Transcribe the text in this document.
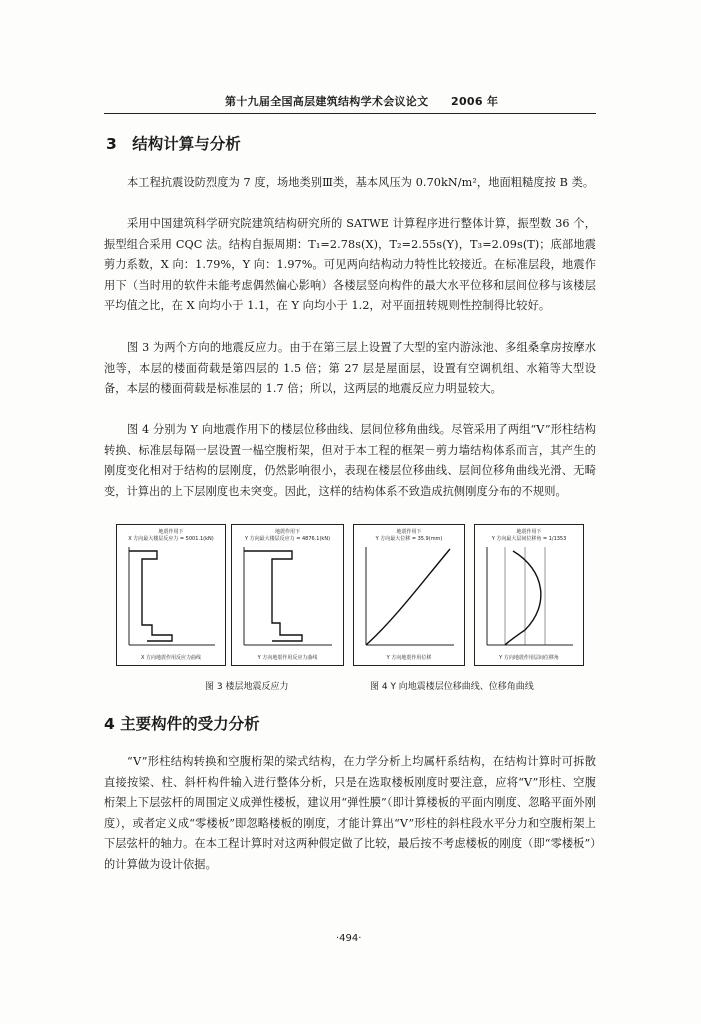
第十九届全国高层建筑结构学术会议论文　　2006 年
3　结构计算与分析
本工程抗震设防烈度为 7 度，场地类别Ⅲ类，基本风压为 0.70kN/m²，地面粗糙度按 B 类。
采用中国建筑科学研究院建筑结构研究所的 SATWE 计算程序进行整体计算，振型数 36 个，振型组合采用 CQC 法。结构自振周期：T₁=2.78s(X)，T₂=2.55s(Y)，T₃=2.09s(T)；底部地震剪力系数，X 向：1.79%，Y 向：1.97%。可见两向结构动力特性比较接近。在标准层段，地震作用下（当时用的软件未能考虑偶然偏心影响）各楼层竖向构件的最大水平位移和层间位移与该楼层平均值之比，在 X 向均小于 1.1，在 Y 向均小于 1.2，对平面扭转规则性控制得比较好。
图 3 为两个方向的地震反应力。由于在第三层上设置了大型的室内游泳池、多组桑拿房按摩水池等，本层的楼面荷载是第四层的 1.5 倍；第 27 层是屋面层，设置有空调机组、水箱等大型设备，本层的楼面荷载是标准层的 1.7 倍；所以，这两层的地震反应力明显较大。
图 4 分别为 Y 向地震作用下的楼层位移曲线、层间位移角曲线。尽管采用了两组“V”形柱结构转换、标准层每隔一层设置一榀空腹桁架，但对于本工程的框架－剪力墙结构体系而言，其产生的刚度变化相对于结构的层刚度，仍然影响很小，表现在楼层位移曲线、层间位移角曲线光滑、无畸变，计算出的上下层刚度也未突变。因此，这样的结构体系不致造成抗侧刚度分布的不规则。
地震作用下
X 方向最大楼层反应力 = 5001.1(kN)
X 方向地震作用反应力曲线
地震作用下
Y 方向最大楼层反应力 = 4876.1(kN)
Y 方向地震作用反应力曲线
地震作用下
Y 方向最大位移 = 35.9(mm)
Y 方向地震作用位移
地震作用下
Y 方向最大层间位移角 = 1/1353
Y 方向地震作用层间位移角
图 3 楼层地震反应力	图 4 Y 向地震楼层位移曲线、位移角曲线
4 主要构件的受力分析
“V”形柱结构转换和空腹桁架的梁式结构，在力学分析上均属杆系结构，在结构计算时可拆散直接按梁、柱、斜杆构件输入进行整体分析，只是在选取楼板刚度时要注意，应将“V”形柱、空腹桁架上下层弦杆的周围定义成弹性楼板，建议用“弹性膜”（即计算楼板的平面内刚度、忽略平面外刚度），或者定义成“零楼板”即忽略楼板的刚度，才能计算出“V”形柱的斜柱段水平分力和空腹桁架上下层弦杆的轴力。在本工程计算时对这两种假定做了比较，最后按不考虑楼板的刚度（即“零楼板”）的计算做为设计依据。
·494·
